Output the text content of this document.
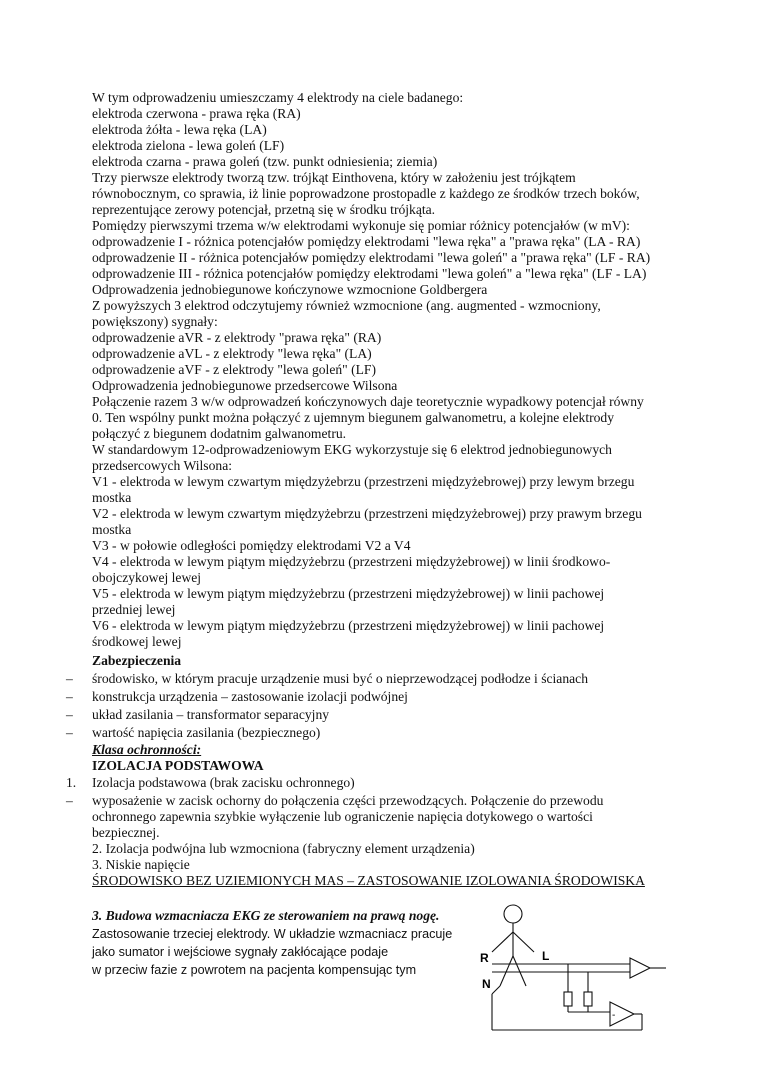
W tym odprowadzeniu umieszczamy 4 elektrody na ciele badanego:
elektroda czerwona - prawa ręka (RA)
elektroda żółta - lewa ręka (LA)
elektroda zielona - lewa goleń (LF)
elektroda czarna - prawa goleń (tzw. punkt odniesienia; ziemia)
Trzy pierwsze elektrody tworzą tzw. trójkąt Einthovena, który w założeniu jest trójkątem
równobocznym, co sprawia, iż linie poprowadzone prostopadle z każdego ze środków trzech boków,
reprezentujące zerowy potencjał, przetną się w środku trójkąta.
Pomiędzy pierwszymi trzema w/w elektrodami wykonuje się pomiar różnicy potencjałów (w mV):
odprowadzenie I - różnica potencjałów pomiędzy elektrodami "lewa ręka" a "prawa ręka" (LA - RA)
odprowadzenie II - różnica potencjałów pomiędzy elektrodami "lewa goleń" a "prawa ręka" (LF - RA)
odprowadzenie III - różnica potencjałów pomiędzy elektrodami "lewa goleń" a "lewa ręka" (LF - LA)
Odprowadzenia jednobiegunowe kończynowe wzmocnione Goldbergera
Z powyższych 3 elektrod odczytujemy również wzmocnione (ang. augmented - wzmocniony,
powiększony) sygnały:
odprowadzenie aVR - z elektrody "prawa ręka" (RA)
odprowadzenie aVL - z elektrody "lewa ręka" (LA)
odprowadzenie aVF - z elektrody "lewa goleń" (LF)
Odprowadzenia jednobiegunowe przedsercowe Wilsona
Połączenie razem 3 w/w odprowadzeń kończynowych daje teoretycznie wypadkowy potencjał równy
0. Ten wspólny punkt można połączyć z ujemnym biegunem galwanometru, a kolejne elektrody
połączyć z biegunem dodatnim galwanometru.
W standardowym 12-odprowadzeniowym EKG wykorzystuje się 6 elektrod jednobiegunowych
przedsercowych Wilsona:
V1 - elektroda w lewym czwartym międzyżebrzu (przestrzeni międzyżebrowej) przy lewym brzegu
mostka
V2 - elektroda w lewym czwartym międzyżebrzu (przestrzeni międzyżebrowej) przy prawym brzegu
mostka
V3 - w połowie odległości pomiędzy elektrodami V2 a V4
V4 - elektroda w lewym piątym międzyżebrzu (przestrzeni międzyżebrowej) w linii środkowo-
obojczykowej lewej
V5 - elektroda w lewym piątym międzyżebrzu (przestrzeni międzyżebrowej) w linii pachowej
przedniej lewej
V6 - elektroda w lewym piątym międzyżebrzu (przestrzeni międzyżebrowej) w linii pachowej
środkowej lewej
Zabezpieczenia
– środowisko, w którym pracuje urządzenie musi być o nieprzewodzącej podłodze i ścianach
– konstrukcja urządzenia – zastosowanie izolacji podwójnej
– układ zasilania – transformator separacyjny
– wartość napięcia zasilania (bezpiecznego)
Klasa ochronności:
IZOLACJA PODSTAWOWA
1. Izolacja podstawowa (brak zacisku ochronnego)
– wyposażenie w zacisk ochorny do połączenia części przewodzących. Połączenie do przewodu
ochronnego zapewnia szybkie wyłączenie lub ograniczenie napięcia dotykowego o wartości
bezpiecznej.
2. Izolacja podwójna lub wzmocniona (fabryczny element urządzenia)
3. Niskie napięcie
ŚRODOWISKO BEZ UZIEMIONYCH MAS – ZASTOSOWANIE IZOLOWANIA ŚRODOWISKA
3. Budowa wzmacniacza EKG ze sterowaniem na prawą nogę.
Zastosowanie trzeciej elektrody. W układzie wzmacniacz pracuje
jako sumator i wejściowe sygnały zakłócające podaje
w przeciw fazie z powrotem na pacjenta kompensując tym
R	L
N
-
